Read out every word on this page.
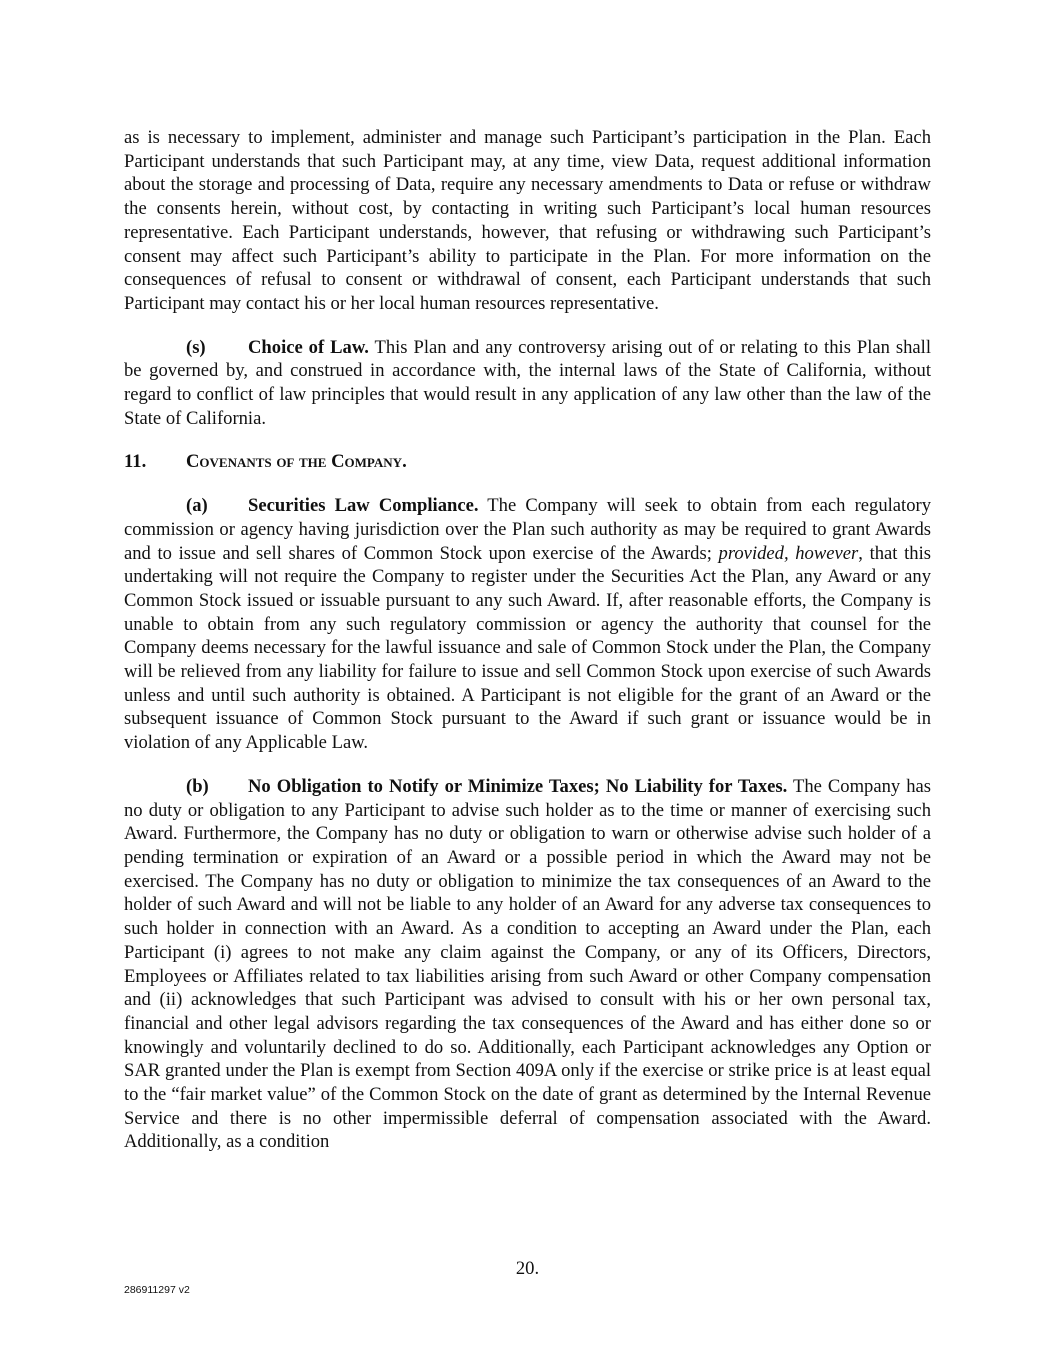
as is necessary to implement, administer and manage such Participant’s participation in the Plan. Each Participant understands that such Participant may, at any time, view Data, request additional information about the storage and processing of Data, require any necessary amendments to Data or refuse or withdraw the consents herein, without cost, by contacting in writing such Participant’s local human resources representative. Each Participant understands, however, that refusing or withdrawing such Participant’s consent may affect such Participant’s ability to participate in the Plan. For more information on the consequences of refusal to consent or withdrawal of consent, each Participant understands that such Participant may contact his or her local human resources representative.

(s) Choice of Law. This Plan and any controversy arising out of or relating to this Plan shall be governed by, and construed in accordance with, the internal laws of the State of California, without regard to conflict of law principles that would result in any application of any law other than the law of the State of California.

11. Covenants of the Company.

(a) Securities Law Compliance. The Company will seek to obtain from each regulatory commission or agency having jurisdiction over the Plan such authority as may be required to grant Awards and to issue and sell shares of Common Stock upon exercise of the Awards; provided, however, that this undertaking will not require the Company to register under the Securities Act the Plan, any Award or any Common Stock issued or issuable pursuant to any such Award. If, after reasonable efforts, the Company is unable to obtain from any such regulatory commission or agency the authority that counsel for the Company deems necessary for the lawful issuance and sale of Common Stock under the Plan, the Company will be relieved from any liability for failure to issue and sell Common Stock upon exercise of such Awards unless and until such authority is obtained. A Participant is not eligible for the grant of an Award or the subsequent issuance of Common Stock pursuant to the Award if such grant or issuance would be in violation of any Applicable Law.

(b) No Obligation to Notify or Minimize Taxes; No Liability for Taxes. The Company has no duty or obligation to any Participant to advise such holder as to the time or manner of exercising such Award. Furthermore, the Company has no duty or obligation to warn or otherwise advise such holder of a pending termination or expiration of an Award or a possible period in which the Award may not be exercised. The Company has no duty or obligation to minimize the tax consequences of an Award to the holder of such Award and will not be liable to any holder of an Award for any adverse tax consequences to such holder in connection with an Award. As a condition to accepting an Award under the Plan, each Participant (i) agrees to not make any claim against the Company, or any of its Officers, Directors, Employees or Affiliates related to tax liabilities arising from such Award or other Company compensation and (ii) acknowledges that such Participant was advised to consult with his or her own personal tax, financial and other legal advisors regarding the tax consequences of the Award and has either done so or knowingly and voluntarily declined to do so. Additionally, each Participant acknowledges any Option or SAR granted under the Plan is exempt from Section 409A only if the exercise or strike price is at least equal to the “fair market value” of the Common Stock on the date of grant as determined by the Internal Revenue Service and there is no other impermissible deferral of compensation associated with the Award. Additionally, as a condition

20.
286911297 v2
